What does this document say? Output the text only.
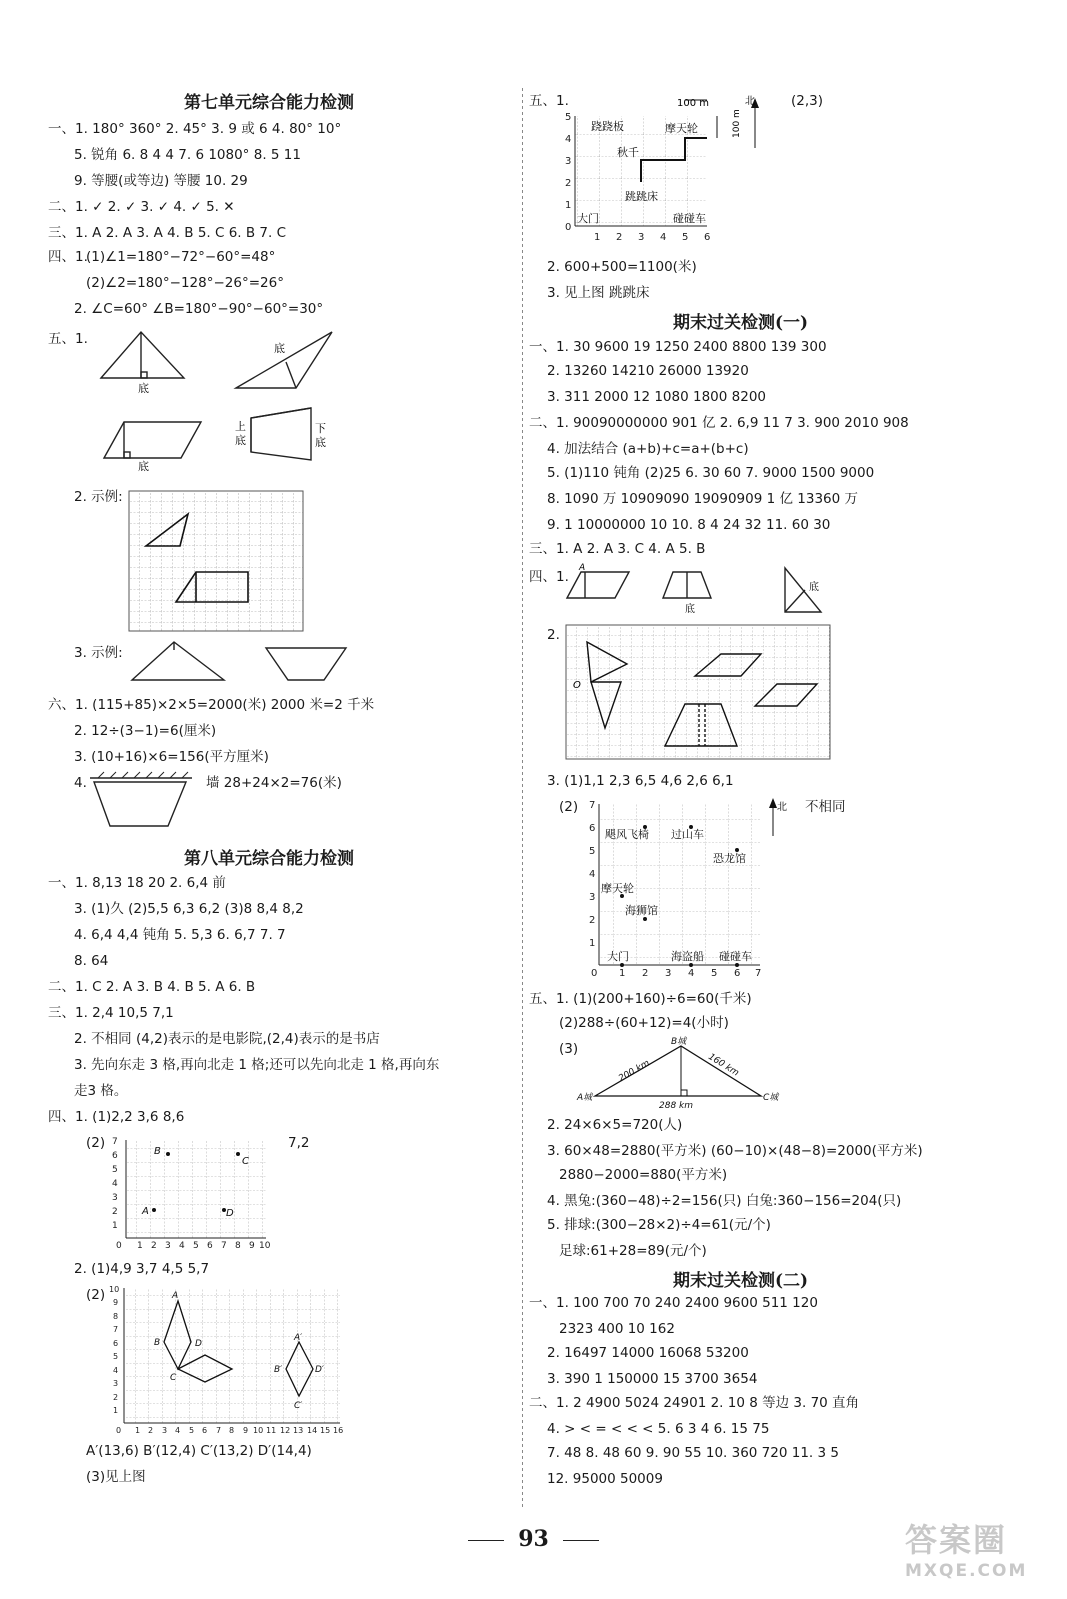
第七单元综合能力检测
一、1. 180° 360° 2. 45° 3. 9 或 6 4. 80° 10°
5. 锐角 6. 8 4 4 7. 6 1080° 8. 5 11
9. 等腰(或等边) 等腰 10. 29
二、1. ✓ 2. ✓ 3. ✓ 4. ✓ 5. ✕
三、1. A 2. A 3. A 4. B 5. C 6. B 7. C
四、1.
(1)∠1=180°−72°−60°=48°
(2)∠2=180°−128°−26°=26°
2. ∠C=60° ∠B=180°−90°−60°=30°
五、1.
底
底
底
上
底
下
底
2. 示例:
3. 示例:
六、1. (115+85)×2×5=2000(米) 2000 米=2 千米
2. 12÷(3−1)=6(厘米)
3. (10+16)×6=156(平方厘米)
4.	墙 28+24×2=76(米)
第八单元综合能力检测
一、1. 8,13 18 20 2. 6,4 前
3. (1)久 (2)5,5 6,3 6,2 (3)8 8,4 8,2
4. 6,4 4,4 钝角 5. 5,3 6. 6,7 7. 7
8. 64
二、1. C 2. A 3. B 4. B 5. A 6. B
三、1. 2,4 10,5 7,1
2. 不相同 (4,2)表示的是电影院,(2,4)表示的是书店
3. 先向东走 3 格,再向北走 1 格;还可以先向北走 1 格,再向东
走3 格。
四、1. (1)2,2 3,6 8,6
(2)	7,2
7
6
5
4
3
2
1
0 1 2 3 4 5 6 7 8 9 10
B
C
A	D
2. (1)4,9 3,7 4,5 5,7
(2) 10
9
8
7
6
5
4
3
2
1
0 1 2 3 4 5 6 7 8 9 10 11 12 13 14 15 16
A
B
C
D
A′
B′
C′
D′
A′(13,6) B′(12,4) C′(13,2) D′(14,4)
(3)见上图
五、1.
5
4
3
2
1
0
1 2 3 4 5 6
100 m
100 m
北
跷跷板	摩天轮
秋千
跳跳床
大门	碰碰车
(2,3)
2. 600+500=1100(米)
3. 见上图 跳跳床
期末过关检测(一)
一、1. 30 9600 19 1250 2400 8800 139 300
2. 13260 14210 26000 13920
3. 311 2000 12 1080 1800 8200
二、1. 90090000000 901 亿 2. 6,9 11 7 3. 900 2010 908
4. 加法结合 (a+b)+c=a+(b+c)
5. (1)110 钝角 (2)25 6. 30 60 7. 9000 1500 9000
8. 1090 万 10909090 19090909 1 亿 13360 万
9. 1 10000000 10 10. 8 4 24 32 11. 60 30
三、1. A 2. A 3. C 4. A 5. B
四、1.
A
底
底
2.
O
3. (1)1,1 2,3 6,5 4,6 2,6 6,1
(2)	不相同
7
6
5
4
3
2
1
0 1 2 3 4 5 6 7
北
飓风飞椅 过山车
恐龙馆
摩天轮
海狮馆
大门	海盗船 碰碰车
五、1. (1)(200+160)÷6=60(千米)
(2)288÷(60+12)=4(小时)
(3)
A城
B城
C城
200 km	160 km
288 km
2. 24×6×5=720(人)
3. 60×48=2880(平方米) (60−10)×(48−8)=2000(平方米)
2880−2000=880(平方米)
4. 黑兔:(360−48)÷2=156(只) 白兔:360−156=204(只)
5. 排球:(300−28×2)÷4=61(元/个)
足球:61+28=89(元/个)
期末过关检测(二)
一、1. 100 700 70 240 2400 9600 511 120
2323 400 10 162
2. 16497 14000 16068 53200
3. 390 1 150000 15 3700 3654
二、1. 2 4900 5024 24901 2. 10 8 等边 3. 70 直角
4. > < = < < < 5. 6 3 4 6. 15 75
7. 48 8. 48 60 9. 90 55 10. 360 720 11. 3 5
12. 95000 50009
93	答案圈
MXQE.COM
